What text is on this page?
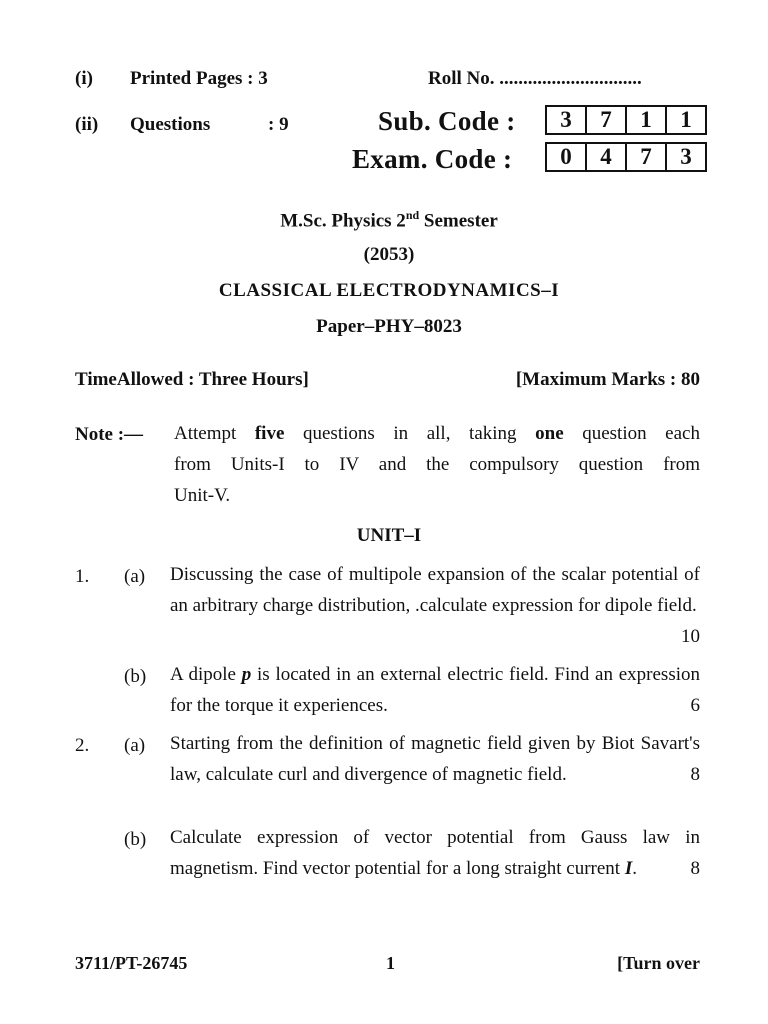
(i) Printed Pages : 3	Roll No. ..............................
(ii) Questions	: 9	Sub. Code :	3	7	1	1
Exam. Code :	0	4	7	3
M.Sc. Physics 2nd Semester
(2053)
CLASSICAL ELECTRODYNAMICS–I
Paper–PHY–8023
TimeAllowed : Three Hours]	[Maximum Marks : 80
Note :— Attempt five questions in all, taking one question each
from Units-I to IV and the compulsory question from
Unit-V.
UNIT–I
1. (a) Discussing the case of multipole expansion of the scalar potential of an arbitrary charge distribution, .calculate expression for dipole field.
10
(b) A dipole p is located in an external electric field. Find an expression for the torque it experiences.	6
2. (a) Starting from the definition of magnetic field given by Biot Savart's law, calculate curl and divergence of magnetic field.	8
(b) Calculate expression of vector potential from Gauss law in magnetism. Find vector potential for a long straight current I.	8
3711/PT-26745	1	[Turn over
